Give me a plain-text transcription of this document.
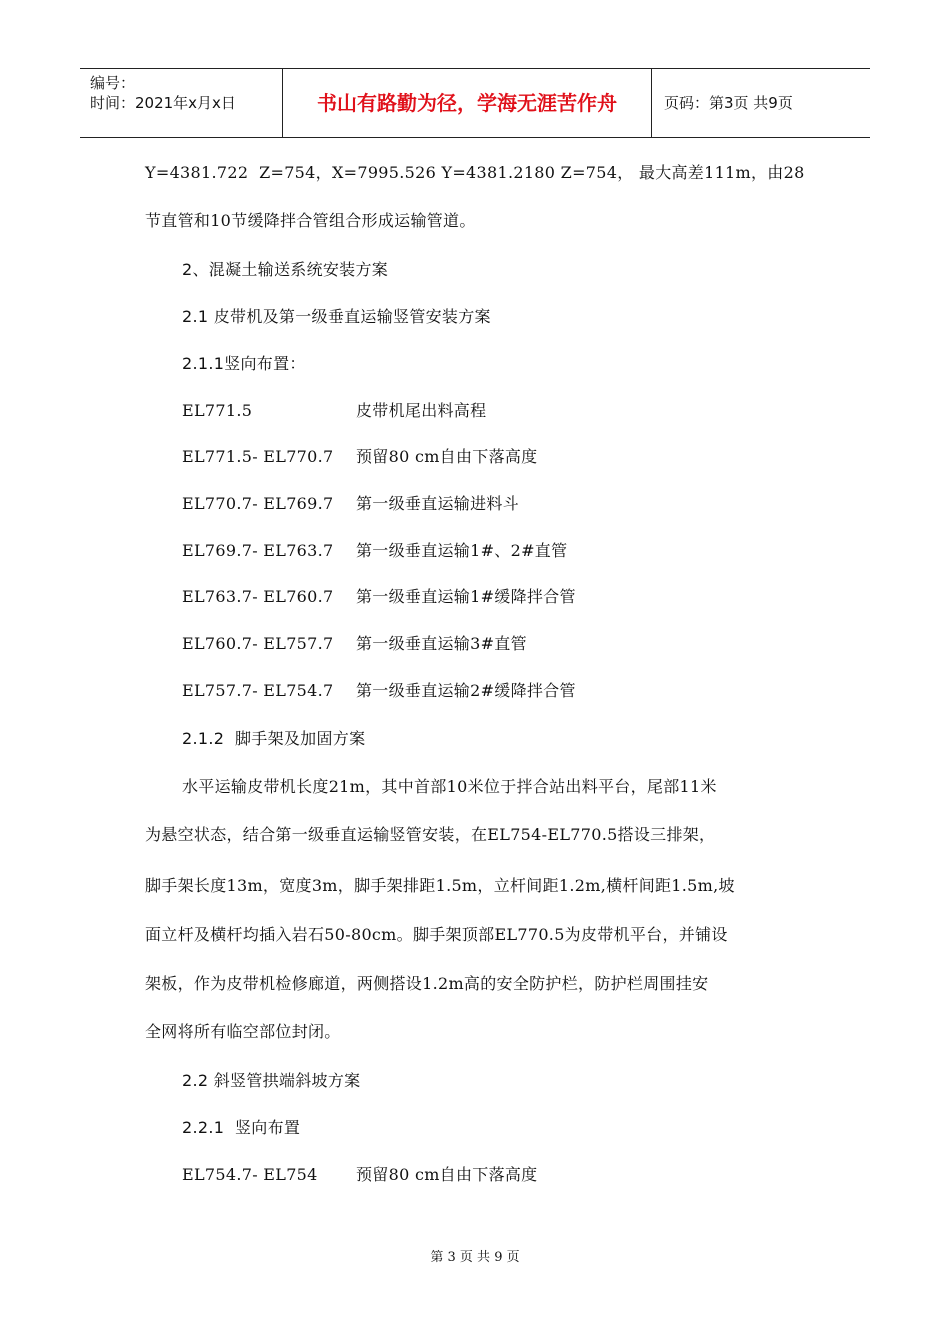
编号：
时间：2021年x月x日	书山有路勤为径，学海无涯苦作舟	页码：第3页 共9页
Y=4381.722  Z=754，X=7995.526 Y=4381.2180 Z=754， 最大高差111m，由28
节直管和10节缓降拌合管组合形成运输管道。
2、混凝土输送系统安装方案
2.1 皮带机及第一级垂直运输竖管安装方案
2.1.1竖向布置：
EL771.5	皮带机尾出料高程
EL771.5- EL770.7 预留80 cm自由下落高度
EL770.7- EL769.7 第一级垂直运输进料斗
EL769.7- EL763.7 第一级垂直运输1#、2#直管
EL763.7- EL760.7 第一级垂直运输1#缓降拌合管
EL760.7- EL757.7 第一级垂直运输3#直管
EL757.7- EL754.7 第一级垂直运输2#缓降拌合管
2.1.2  脚手架及加固方案
水平运输皮带机长度21m，其中首部10米位于拌合站出料平台，尾部11米
为悬空状态，结合第一级垂直运输竖管安装，在EL754-EL770.5搭设三排架，
脚手架长度13m，宽度3m，脚手架排距1.5m，立杆间距1.2m,横杆间距1.5m,坡
面立杆及横杆均插入岩石50-80cm。脚手架顶部EL770.5为皮带机平台，并铺设
架板，作为皮带机检修廊道，两侧搭设1.2m高的安全防护栏，防护栏周围挂安
全网将所有临空部位封闭。
2.2 斜竖管拱端斜坡方案
2.2.1  竖向布置
EL754.7- EL754 预留80 cm自由下落高度
第 3 页 共 9 页
